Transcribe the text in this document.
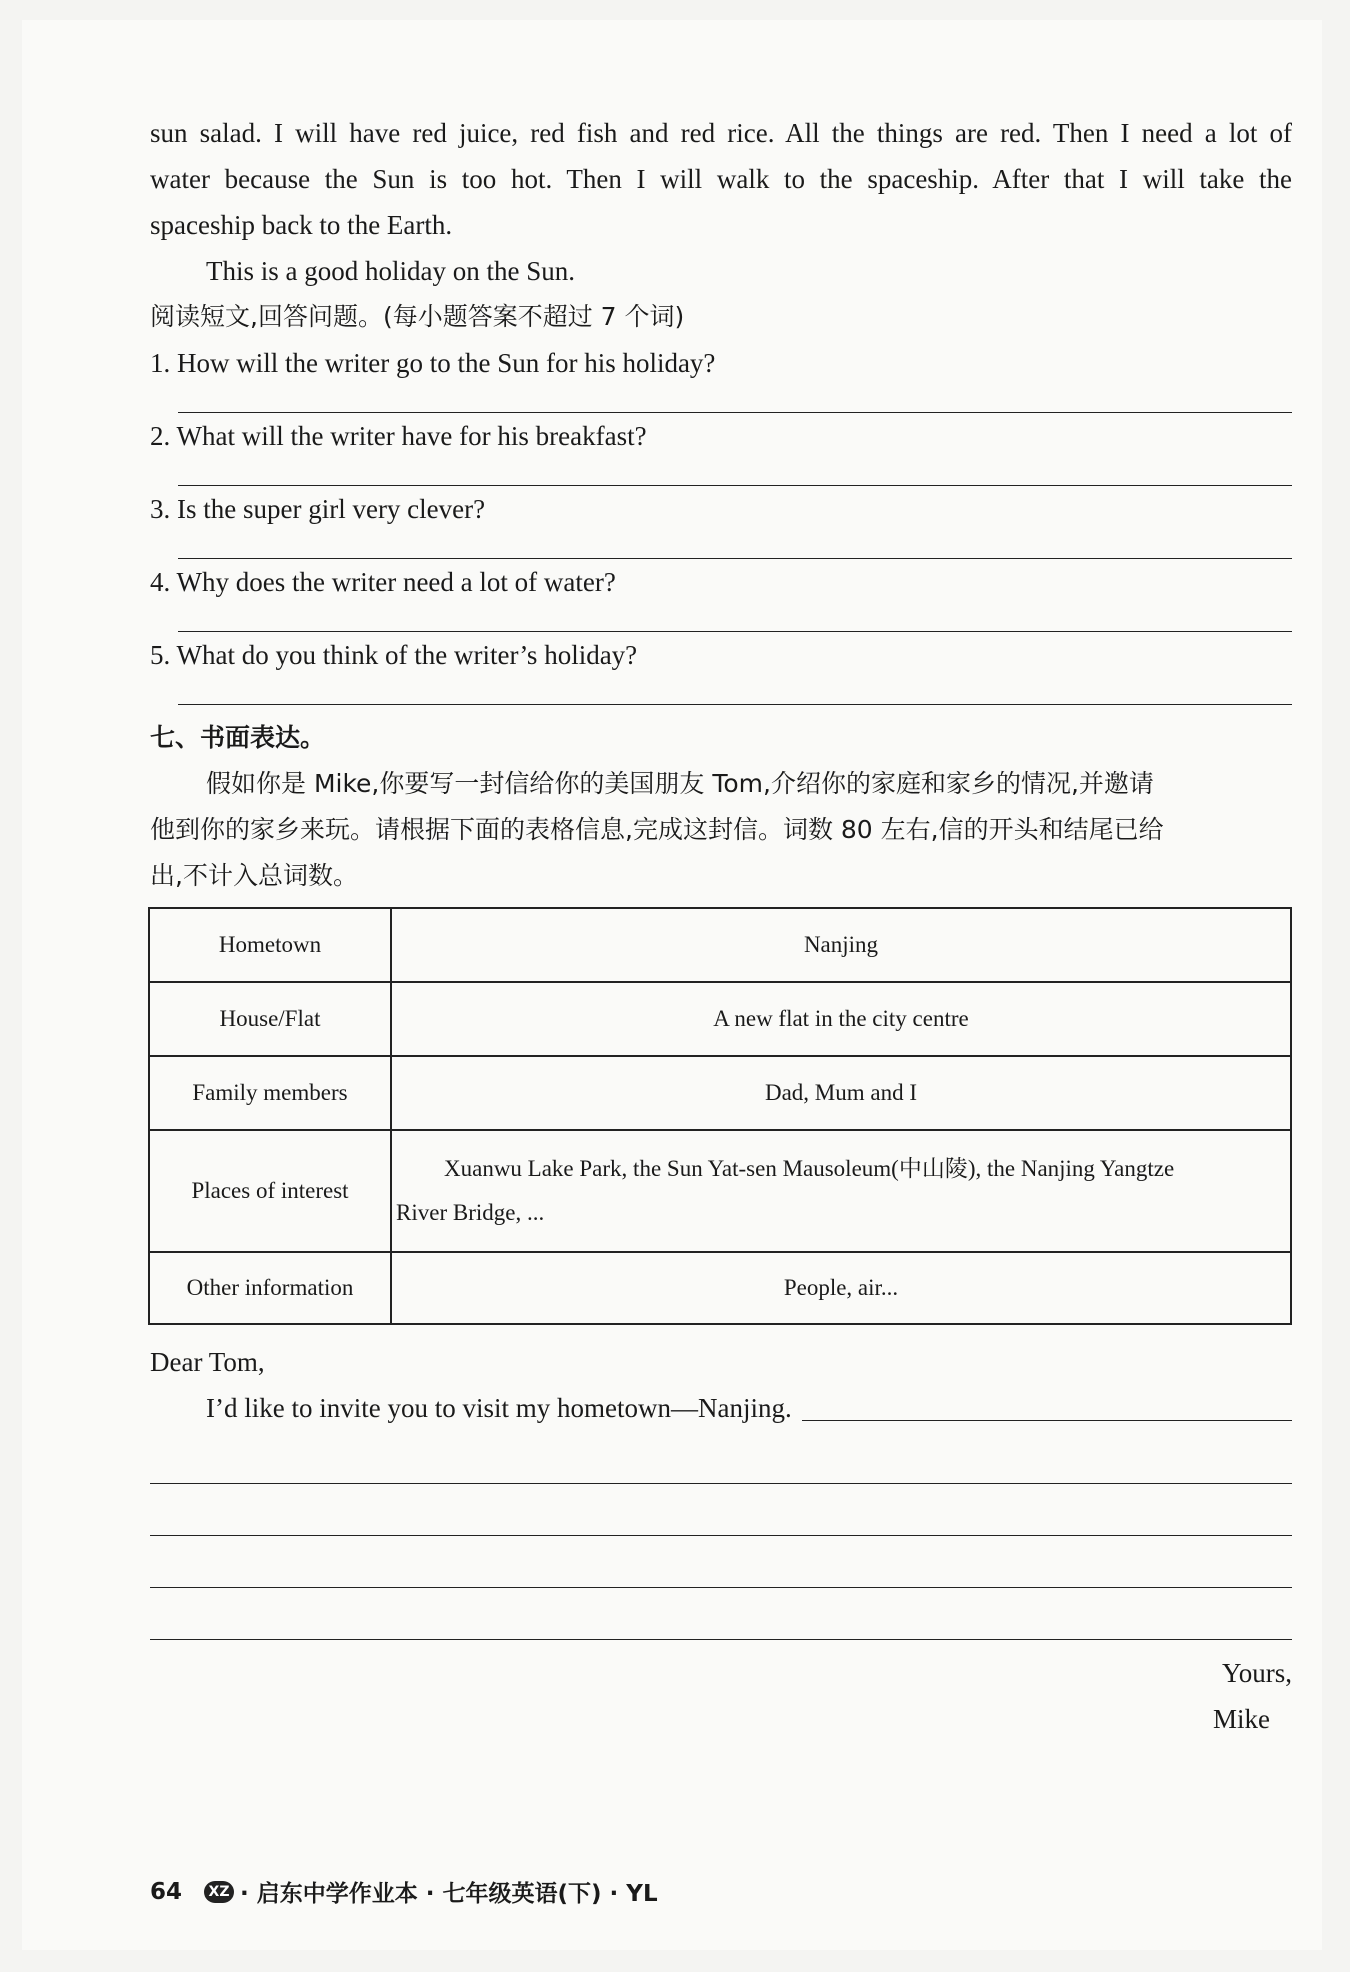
sun salad. I will have red juice, red fish and red rice. All the things are red. Then I need a lot of

water because the Sun is too hot. Then I will walk to the spaceship. After that I will take the

spaceship back to the Earth.

This is a good holiday on the Sun.

阅读短文,回答问题。(每小题答案不超过 7 个词)

1. How will the writer go to the Sun for his holiday?

2. What will the writer have for his breakfast?

3. Is the super girl very clever?

4. Why does the writer need a lot of water?

5. What do you think of the writer’s holiday?

七、书面表达。

假如你是 Mike,你要写一封信给你的美国朋友 Tom,介绍你的家庭和家乡的情况,并邀请

他到你的家乡来玩。请根据下面的表格信息,完成这封信。词数 80 左右,信的开头和结尾已给

出,不计入总词数。

Hometown	Nanjing
House/Flat	A new flat in the city centre
Family members	Dad, Mum and I
Places of interest	Xuanwu Lake Park, the Sun Yat-sen Mausoleum(中山陵), the Nanjing Yangtze
River Bridge, ...

Other information	People, air...

Dear Tom,

I’d like to invite you to visit my hometown—Nanjing.

Yours,

Mike

64	XZ · 启东中学作业本 · 七年级英语(下) · YL
